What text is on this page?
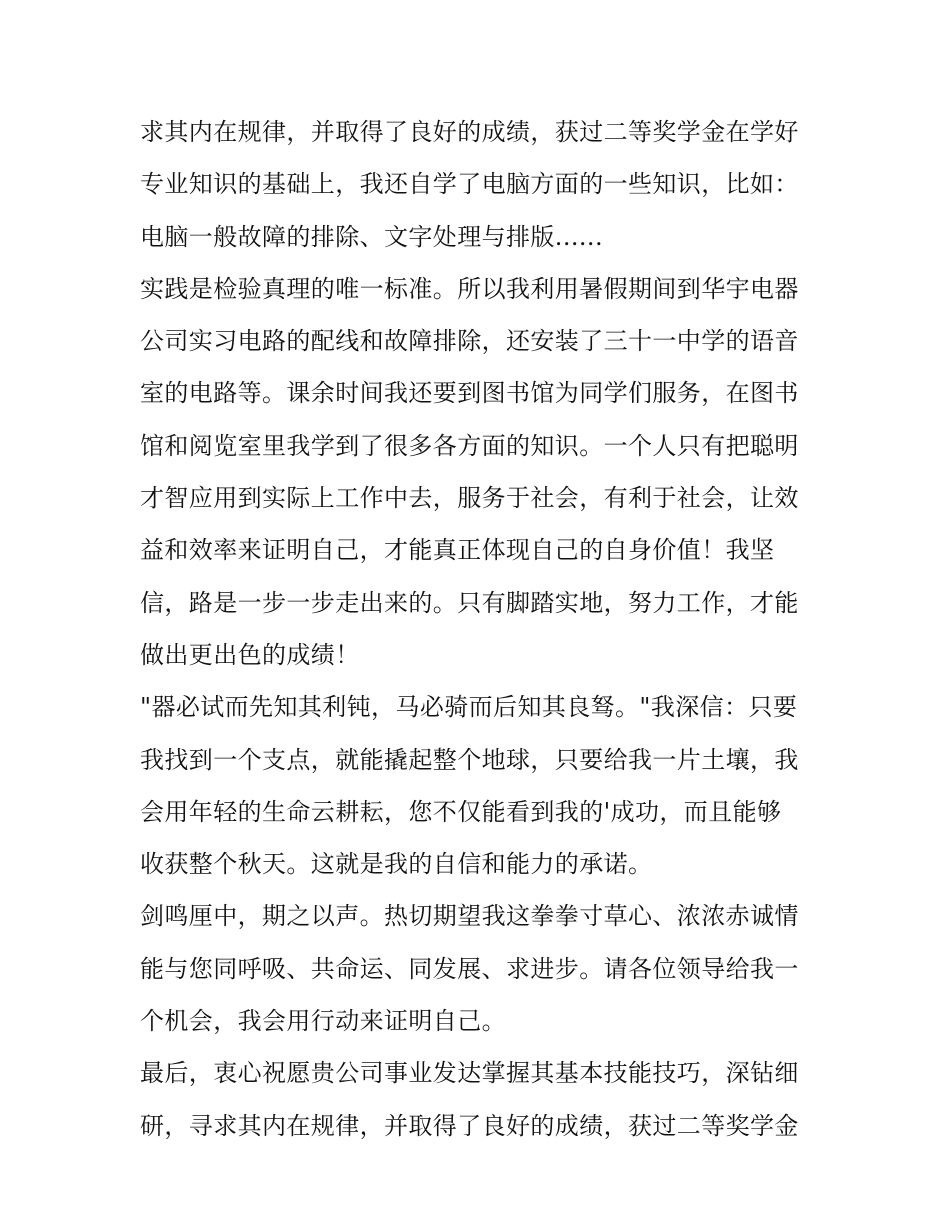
求其内在规律，并取得了良好的成绩，获过二等奖学金在学好
专业知识的基础上，我还自学了电脑方面的一些知识，比如：
电脑一般故障的排除、文字处理与排版......
实践是检验真理的唯一标准。所以我利用暑假期间到华宇电器
公司实习电路的配线和故障排除，还安装了三十一中学的语音
室的电路等。课余时间我还要到图书馆为同学们服务，在图书
馆和阅览室里我学到了很多各方面的知识。一个人只有把聪明
才智应用到实际上工作中去，服务于社会，有利于社会，让效
益和效率来证明自己，才能真正体现自己的自身价值！我坚
信，路是一步一步走出来的。只有脚踏实地，努力工作，才能
做出更出色的成绩！
"器必试而先知其利钝，马必骑而后知其良驽。"我深信：只要
我找到一个支点，就能撬起整个地球，只要给我一片土壤，我
会用年轻的生命云耕耘，您不仅能看到我的'成功，而且能够
收获整个秋天。这就是我的自信和能力的承诺。
剑鸣厘中，期之以声。热切期望我这拳拳寸草心、浓浓赤诚情
能与您同呼吸、共命运、同发展、求进步。请各位领导给我一
个机会，我会用行动来证明自己。
最后，衷心祝愿贵公司事业发达掌握其基本技能技巧，深钻细
研，寻求其内在规律，并取得了良好的成绩，获过二等奖学金
